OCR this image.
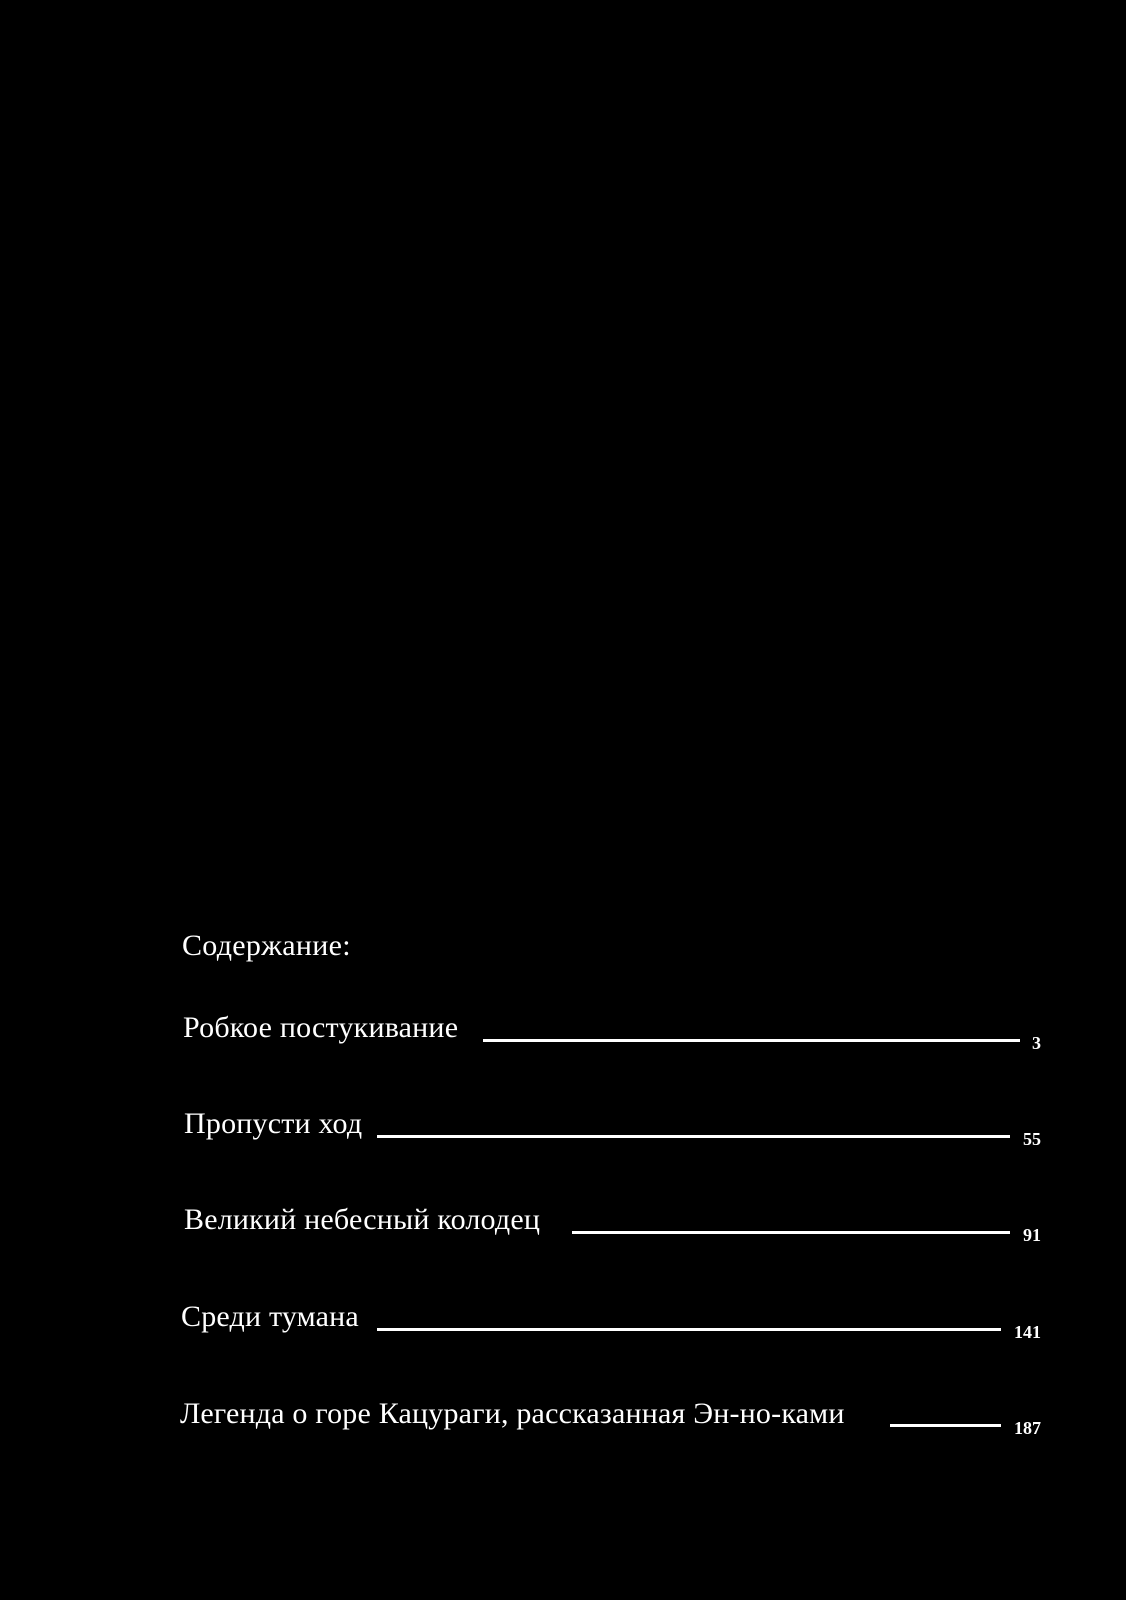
Содержание:
Робкое постукивание	3
Пропусти ход	55
Великий небесный колодец	91
Среди тумана	141
Легенда о горе Кацураги, рассказанная Эн-но-ками	187
